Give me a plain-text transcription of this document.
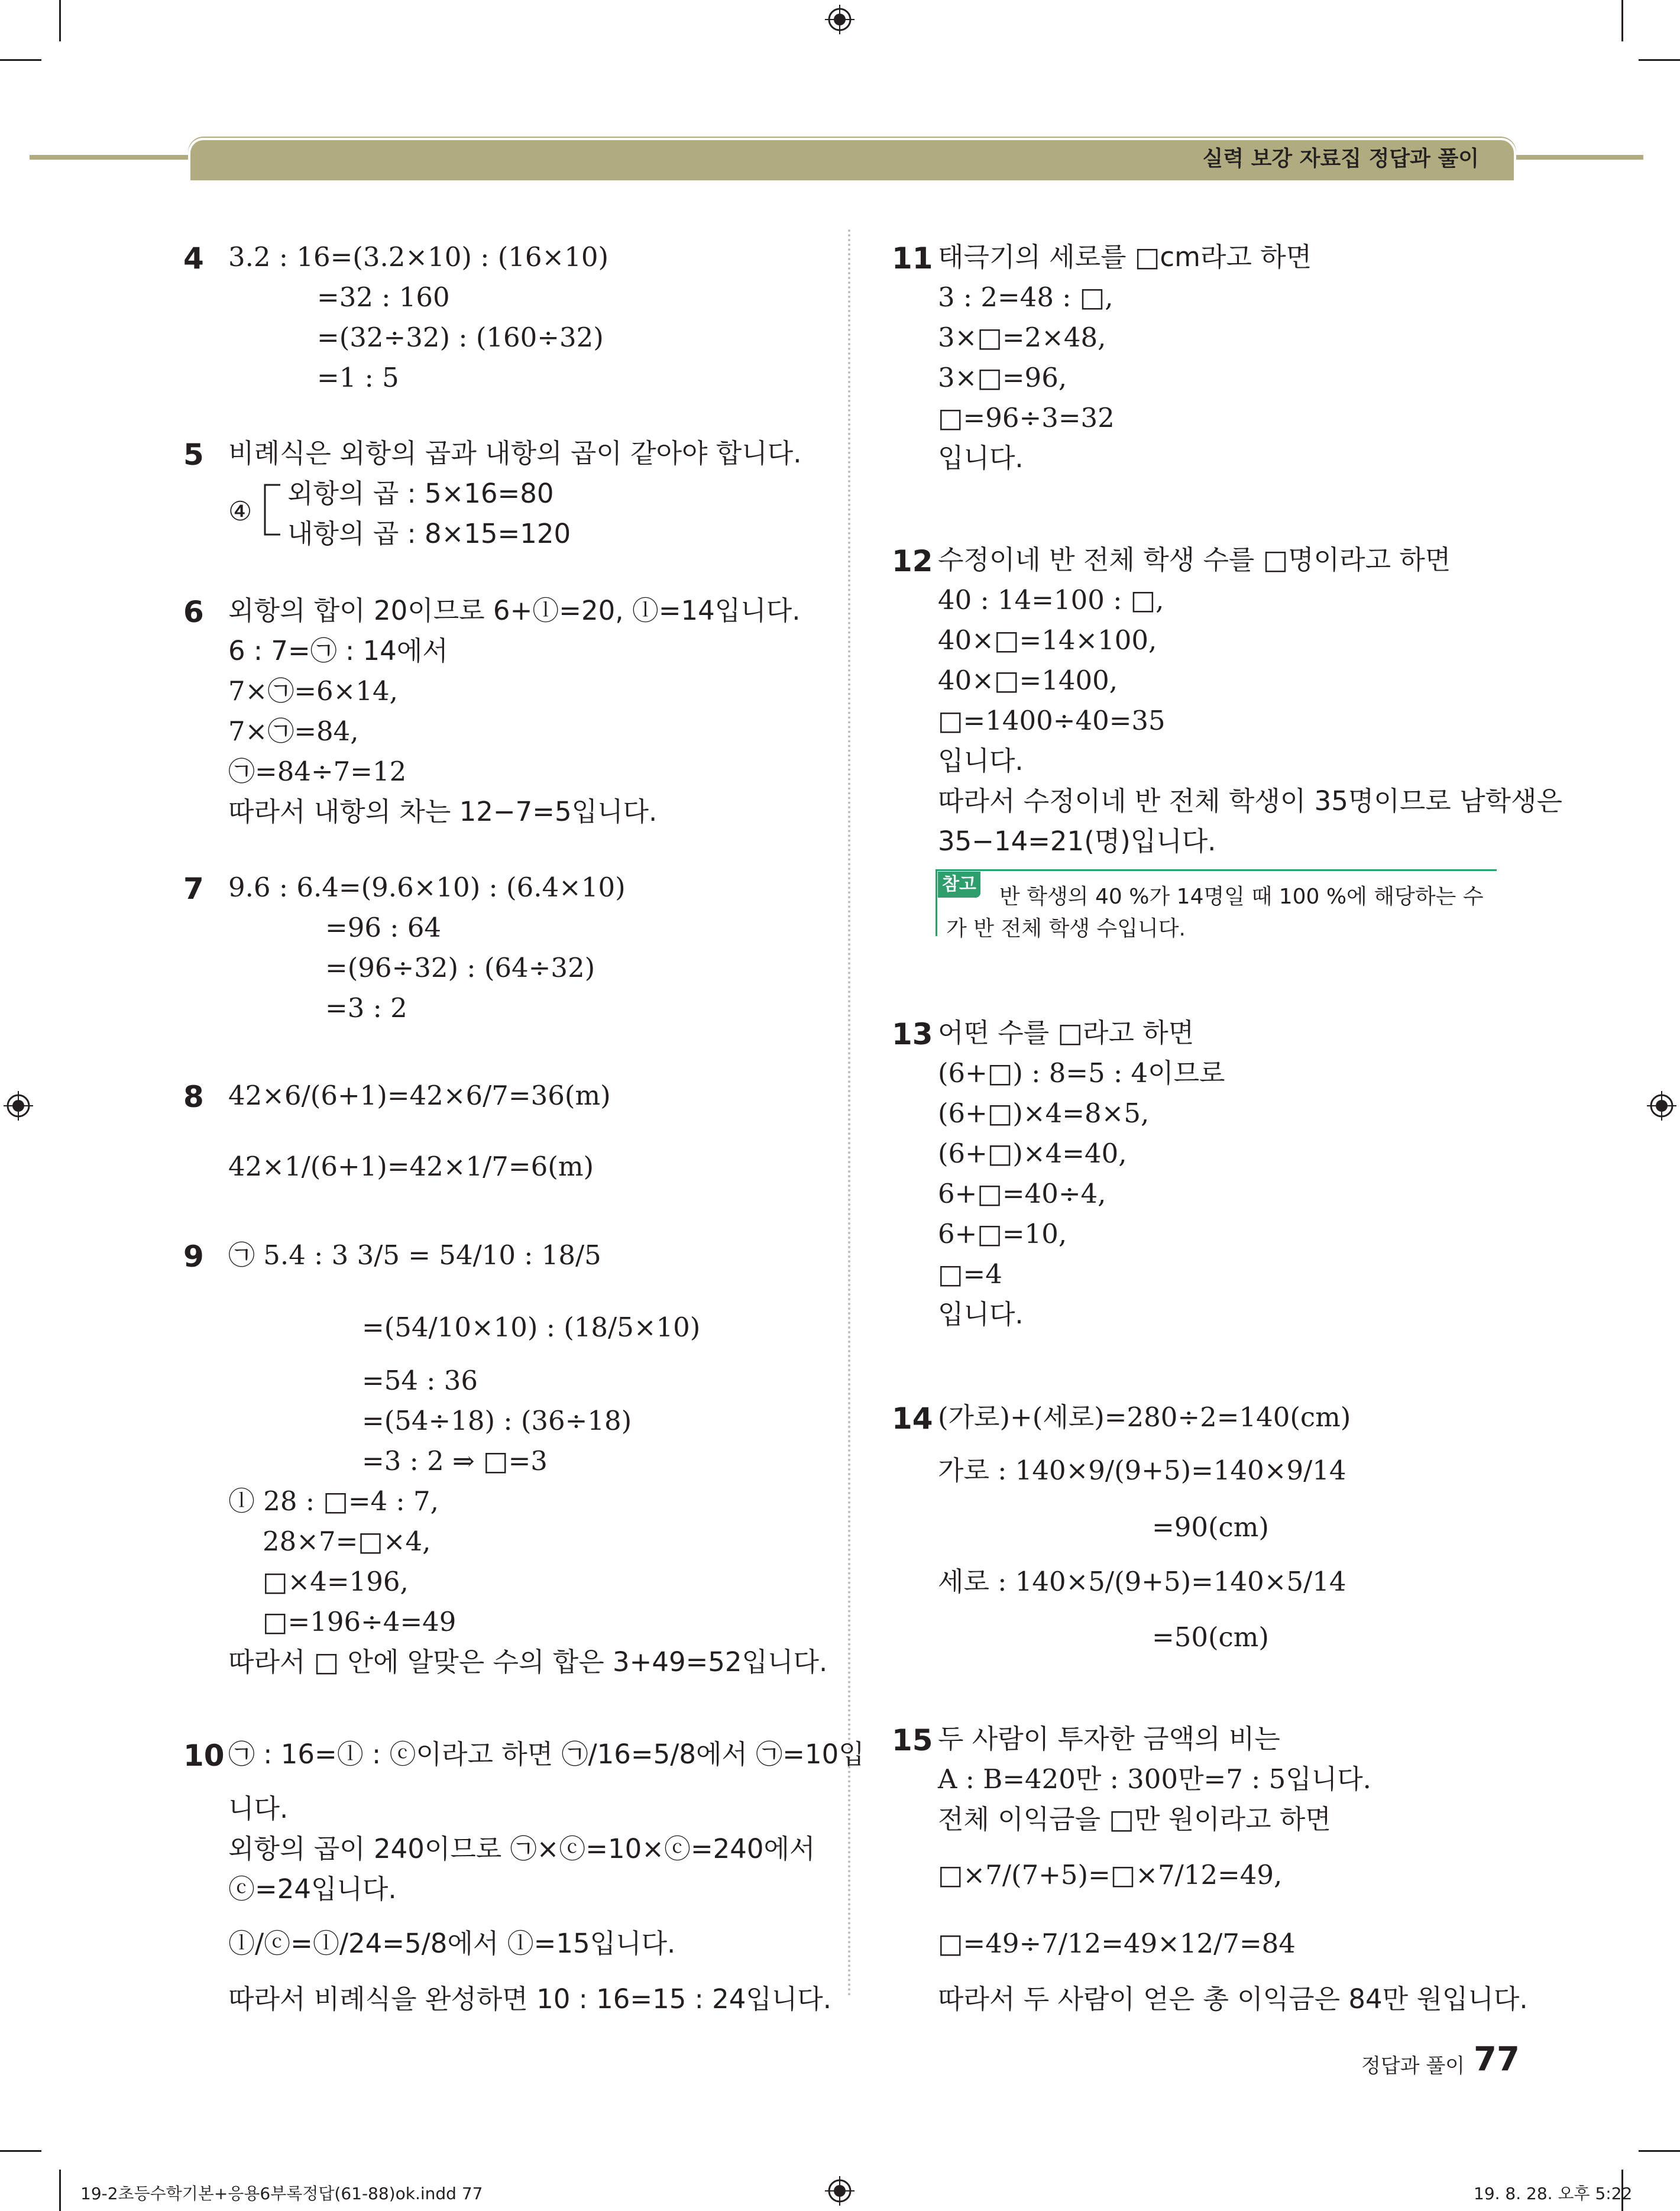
실력 보강 자료집 정답과 풀이
4 3.2 : 16=(3.2×10) : (16×10)
=32 : 160
=(32÷32) : (160÷32)
=1 : 5
5 비례식은 외항의 곱과 내항의 곱이 같아야 합니다.
④
외항의 곱 : 5×16=80
내항의 곱 : 8×15=120
6 외항의 합이 20이므로 6+ⓛ=20, ⓛ=14입니다.
6 : 7=㉠ : 14에서
7×㉠=6×14,
7×㉠=84,
㉠=84÷7=12
따라서 내항의 차는 12−7=5입니다.
7 9.6 : 6.4=(9.6×10) : (6.4×10)
=96 : 64
=(96÷32) : (64÷32)
=3 : 2
8 42×6/(6+1)=42×6/7=36(m)
42×1/(6+1)=42×1/7=6(m)
9 ㉠ 5.4 : 3 3/5 = 54/10 : 18/5
=(54/10×10) : (18/5×10)
=54 : 36
=(54÷18) : (36÷18)
=3 : 2 ⇒ □=3
ⓛ 28 : □=4 : 7,
28×7=□×4,
□×4=196,
□=196÷4=49
따라서 □ 안에 알맞은 수의 합은 3+49=52입니다.
10 ㉠ : 16=ⓛ : ⓒ이라고 하면 ㉠/16=5/8에서 ㉠=10입
니다.
외항의 곱이 240이므로 ㉠×ⓒ=10×ⓒ=240에서
ⓒ=24입니다.
ⓛ/ⓒ=ⓛ/24=5/8에서 ⓛ=15입니다.
따라서 비례식을 완성하면 10 : 16=15 : 24입니다.
11 태극기의 세로를 □cm라고 하면
3 : 2=48 : □,
3×□=2×48,
3×□=96,
□=96÷3=32
입니다.
12 수정이네 반 전체 학생 수를 □명이라고 하면
40 : 14=100 : □,
40×□=14×100,
40×□=1400,
□=1400÷40=35
입니다.
따라서 수정이네 반 전체 학생이 35명이므로 남학생은
35−14=21(명)입니다.
참고
반 학생의 40 %가 14명일 때 100 %에 해당하는 수
가 반 전체 학생 수입니다.
13 어떤 수를 □라고 하면
(6+□) : 8=5 : 4이므로
(6+□)×4=8×5,
(6+□)×4=40,
6+□=40÷4,
6+□=10,
□=4
입니다.
14 (가로)+(세로)=280÷2=140(cm)
가로 : 140×9/(9+5)=140×9/14
=90(cm)
세로 : 140×5/(9+5)=140×5/14
=50(cm)
15 두 사람이 투자한 금액의 비는
A : B=420만 : 300만=7 : 5입니다.
전체 이익금을 □만 원이라고 하면
□×7/(7+5)=□×7/12=49,
□=49÷7/12=49×12/7=84
따라서 두 사람이 얻은 총 이익금은 84만 원입니다.
정답과 풀이 77
19-2초등수학기본+응용6부록정답(61-88)ok.indd 77	19. 8. 28. 오후 5:22
